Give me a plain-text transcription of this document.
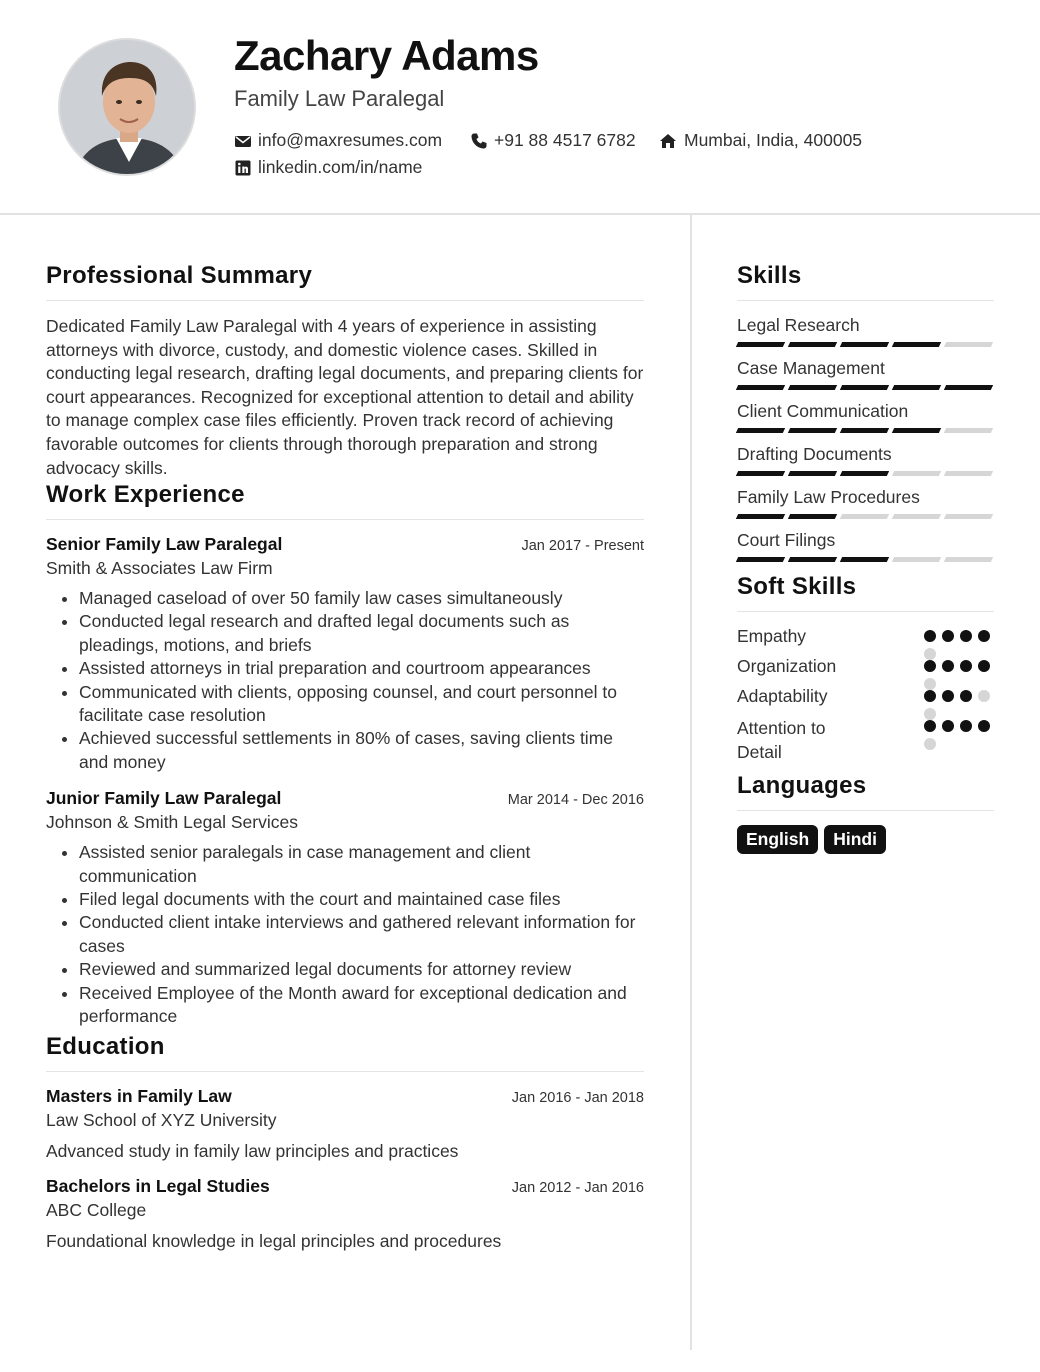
Zachary Adams
Family Law Paralegal
info@maxresumes.com	+91 88 4517 6782	Mumbai, India, 400005
linkedin.com/in/name
Professional Summary

Dedicated Family Law Paralegal with 4 years of experience in assisting attorneys with divorce, custody, and domestic violence cases. Skilled in conducting legal research, drafting legal documents, and preparing clients for court appearances. Recognized for exceptional attention to detail and ability to manage complex case files efficiently. Proven track record of achieving favorable outcomes for clients through thorough preparation and strong advocacy skills.

Work Experience
Senior Family Law Paralegal	Jan 2017 - Present
Smith & Associates Law Firm
• Managed caseload of over 50 family law cases simultaneously
• Conducted legal research and drafted legal documents such as pleadings, motions, and briefs
• Assisted attorneys in trial preparation and courtroom appearances
• Communicated with clients, opposing counsel, and court personnel to facilitate case resolution
• Achieved successful settlements in 80% of cases, saving clients time and money
Junior Family Law Paralegal	Mar 2014 - Dec 2016
Johnson & Smith Legal Services
• Assisted senior paralegals in case management and client communication
• Filed legal documents with the court and maintained case files
• Conducted client intake interviews and gathered relevant information for cases
• Reviewed and summarized legal documents for attorney review
• Received Employee of the Month award for exceptional dedication and performance
Education
Masters in Family Law	Jan 2016 - Jan 2018
Law School of XYZ University
Advanced study in family law principles and practices
Bachelors in Legal Studies	Jan 2012 - Jan 2016
ABC College
Foundational knowledge in legal principles and procedures
Skills
Legal Research
Case Management
Client Communication
Drafting Documents
Family Law Procedures
Court Filings
Soft Skills
Empathy
Organization
Adaptability
Attention to Detail
Languages
English	Hindi
